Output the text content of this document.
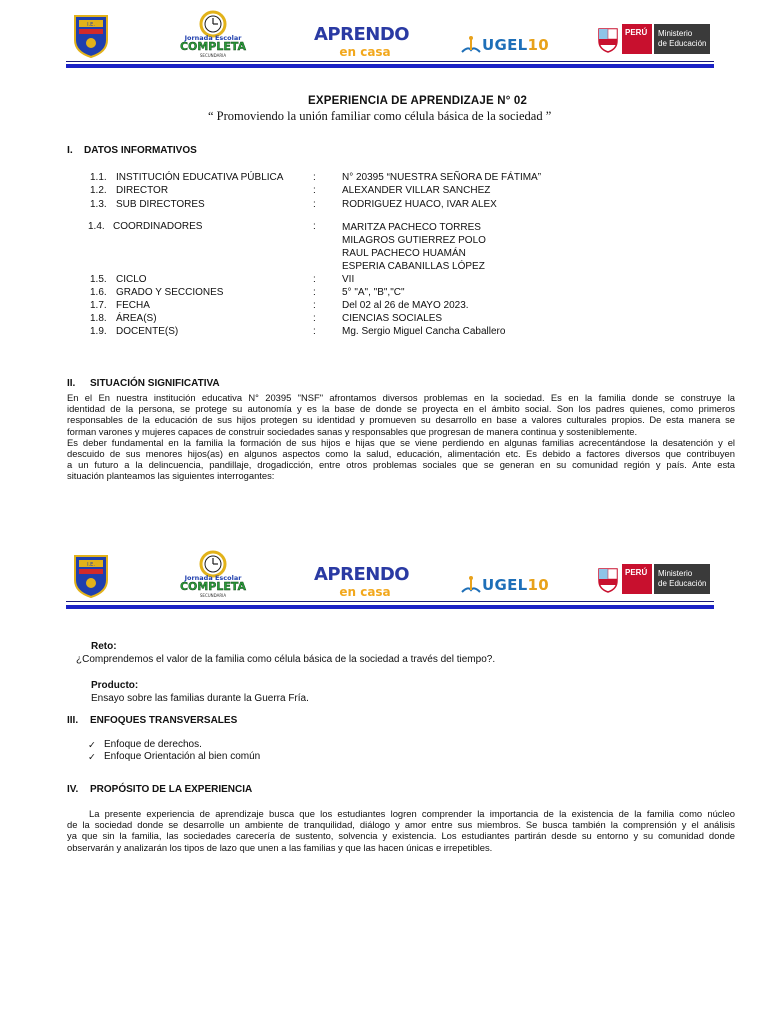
I.E.
Jornada Escolar
COMPLETA
SECUNDARIA
APRENDO
en casa	UGEL10
PERÚ	Ministerio
de Educación
EXPERIENCIA DE APRENDIZAJE N° 02
“ Promoviendo la unión familiar como célula básica de la sociedad ”
I. DATOS INFORMATIVOS
1.1. INSTITUCIÓN EDUCATIVA PÚBLICA	:	N° 20395 “NUESTRA SEÑORA DE FÁTIMA”
1.2. DIRECTOR	:	ALEXANDER VILLAR SANCHEZ
1.3. SUB DIRECTORES	:	RODRIGUEZ HUACO, IVAR ALEX
1.4. COORDINADORES	:	MARITZA PACHECO TORRES
MILAGROS GUTIERREZ POLO
RAUL PACHECO HUAMÁN
ESPERIA CABANILLAS LÓPEZ
1.5. CICLO	:	VII
1.6. GRADO Y SECCIONES	:	5° "A", "B","C"
1.7. FECHA	:	Del 02 al 26 de MAYO 2023.
1.8. ÁREA(S)	:	CIENCIAS SOCIALES
1.9. DOCENTE(S)	:	Mg. Sergio Miguel Cancha Caballero
II. SITUACIÓN SIGNIFICATIVA
En el En nuestra institución educativa N° 20395 "NSF" afrontamos diversos problemas en la sociedad. Es en la familia donde se construye la
identidad de la persona, se protege su autonomía y es la base de donde se proyecta en el ámbito social. Son los padres quienes, como primeros
responsables de la educación de sus hijos protegen su identidad y promueven su desarrollo en base a valores culturales propios. De esta manera se
forman varones y mujeres capaces de construir sociedades sanas y responsables que progresan de manera continua y sosteniblemente.
Es deber fundamental en la familia la formación de sus hijos e hijas que se viene perdiendo en algunas familias acrecentándose la desatención y el
descuido de sus menores hijos(as) en algunos aspectos como la salud, educación, alimentación etc. Es debido a factores diversos que contribuyen
a un futuro a la delincuencia, pandillaje, drogadicción, entre otros problemas sociales que se generan en su comunidad región y país. Ante esta
situación planteamos las siguientes interrogantes:
I.E.
Jornada Escolar
COMPLETA
SECUNDARIA
APRENDO
en casa	UGEL10
PERÚ	Ministerio
de Educación
Reto:
¿Comprendemos el valor de la familia como célula básica de la sociedad a través del tiempo?.
Producto:
Ensayo sobre las familias durante la Guerra Fría.
III. ENFOQUES TRANSVERSALES
✓ Enfoque de derechos.
✓ Enfoque Orientación al bien común
IV. PROPÓSITO DE LA EXPERIENCIA
La presente experiencia de aprendizaje busca que los estudiantes logren comprender la importancia de la existencia de la familia como núcleo
de la sociedad donde se desarrolle un ambiente de tranquilidad, diálogo y amor entre sus miembros. Se busca también la comprensión y el análisis
ya que sin la familia, las sociedades carecería de sustento, solvencia y existencia. Los estudiantes partirán desde su entorno y su comunidad donde
observarán y analizarán los tipos de lazo que unen a las familias y que las hacen únicas e irrepetibles.
